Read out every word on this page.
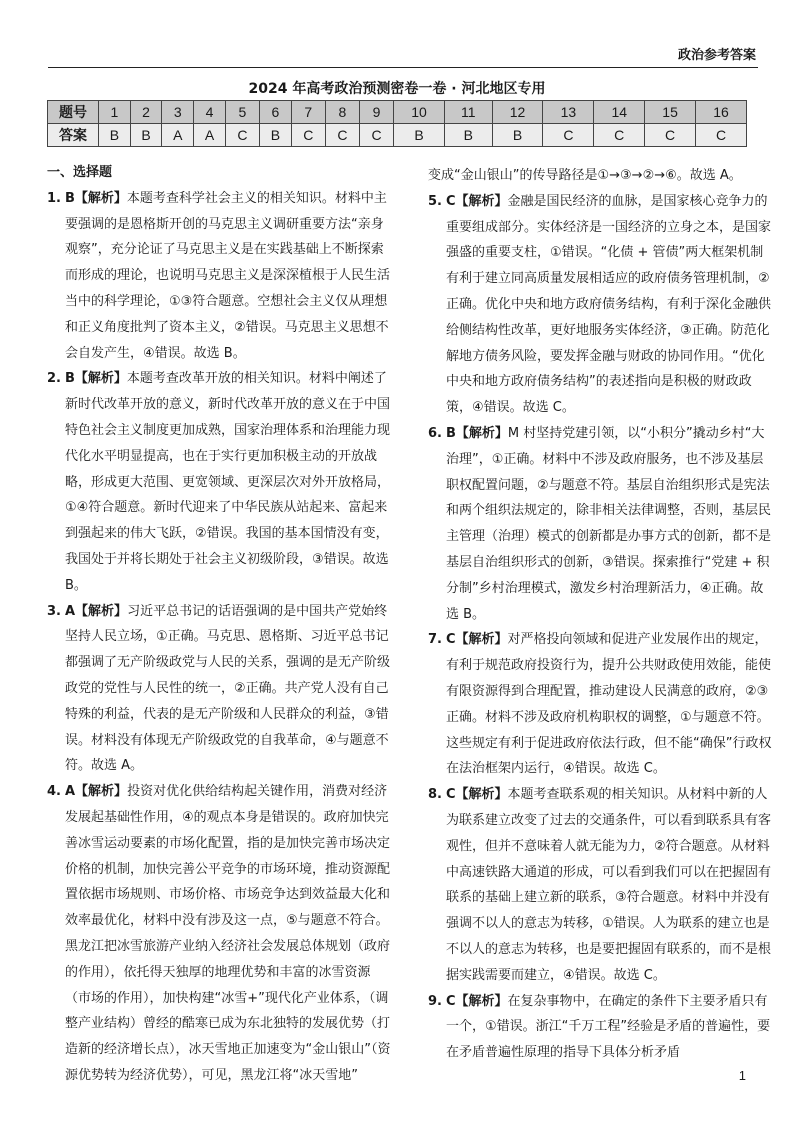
政治参考答案
2024 年高考政治预测密卷一卷 · 河北地区专用
题号	1	2	3	4	5	6	7	8	9	10	11	12	13	14	15	16
答案	B	B	A	A	C	B	C	C	C	B	B	B	C	C	C	C
一、选择题

1. B【解析】本题考查科学社会主义的相关知识。材料中主要强调的是恩格斯开创的马克思主义调研重要方法“亲身观察”，充分论证了马克思主义是在实践基础上不断探索而形成的理论，也说明马克思主义是深深植根于人民生活当中的科学理论，①③符合题意。空想社会主义仅从理想和正义角度批判了资本主义，②错误。马克思主义思想不会自发产生，④错误。故选 B。

2. B【解析】本题考查改革开放的相关知识。材料中阐述了新时代改革开放的意义，新时代改革开放的意义在于中国特色社会主义制度更加成熟，国家治理体系和治理能力现代化水平明显提高，也在于实行更加积极主动的开放战略，形成更大范围、更宽领域、更深层次对外开放格局，①④符合题意。新时代迎来了中华民族从站起来、富起来到强起来的伟大飞跃，②错误。我国的基本国情没有变，我国处于并将长期处于社会主义初级阶段，③错误。故选 B。

3. A【解析】习近平总书记的话语强调的是中国共产党始终坚持人民立场，①正确。马克思、恩格斯、习近平总书记都强调了无产阶级政党与人民的关系，强调的是无产阶级政党的党性与人民性的统一，②正确。共产党人没有自己特殊的利益，代表的是无产阶级和人民群众的利益，③错误。材料没有体现无产阶级政党的自我革命，④与题意不符。故选 A。

4. A【解析】投资对优化供给结构起关键作用，消费对经济发展起基础性作用，④的观点本身是错误的。政府加快完善冰雪运动要素的市场化配置，指的是加快完善市场决定价格的机制，加快完善公平竞争的市场环境，推动资源配置依据市场规则、市场价格、市场竞争达到效益最大化和效率最优化，材料中没有涉及这一点，⑤与题意不符合。黑龙江把冰雪旅游产业纳入经济社会发展总体规划（政府的作用），依托得天独厚的地理优势和丰富的冰雪资源（市场的作用），加快构建“冰雪+”现代化产业体系，（调整产业结构）曾经的酷寒已成为东北独特的发展优势（打造新的经济增长点），冰天雪地正加速变为“金山银山”（资源优势转为经济优势），可见，黑龙江将“冰天雪地”

变成“金山银山”的传导路径是①→③→②→⑥。故选 A。

5. C【解析】金融是国民经济的血脉，是国家核心竞争力的重要组成部分。实体经济是一国经济的立身之本，是国家强盛的重要支柱，①错误。“化债 + 管债”两大框架机制有利于建立同高质量发展相适应的政府债务管理机制，②正确。优化中央和地方政府债务结构，有利于深化金融供给侧结构性改革，更好地服务实体经济，③正确。防范化解地方债务风险，要发挥金融与财政的协同作用。“优化中央和地方政府债务结构”的表述指向是积极的财政政策，④错误。故选 C。

6. B【解析】M 村坚持党建引领，以“小积分”撬动乡村“大治理”，①正确。材料中不涉及政府服务，也不涉及基层职权配置问题，②与题意不符。基层自治组织形式是宪法和两个组织法规定的，除非相关法律调整，否则，基层民主管理（治理）模式的创新都是办事方式的创新，都不是基层自治组织形式的创新，③错误。探索推行“党建 + 积分制”乡村治理模式，激发乡村治理新活力，④正确。故选 B。

7. C【解析】对严格投向领域和促进产业发展作出的规定，有利于规范政府投资行为，提升公共财政使用效能，能使有限资源得到合理配置，推动建设人民满意的政府，②③正确。材料不涉及政府机构职权的调整，①与题意不符。这些规定有利于促进政府依法行政，但不能“确保”行政权在法治框架内运行，④错误。故选 C。

8. C【解析】本题考查联系观的相关知识。从材料中新的人为联系建立改变了过去的交通条件，可以看到联系具有客观性，但并不意味着人就无能为力，②符合题意。从材料中高速铁路大通道的形成，可以看到我们可以在把握固有联系的基础上建立新的联系，③符合题意。材料中并没有强调不以人的意志为转移，①错误。人为联系的建立也是不以人的意志为转移，也是要把握固有联系的，而不是根据实践需要而建立，④错误。故选 C。

9. C【解析】在复杂事物中，在确定的条件下主要矛盾只有一个，①错误。浙江“千万工程”经验是矛盾的普遍性，要在矛盾普遍性原理的指导下具体分析矛盾

1
